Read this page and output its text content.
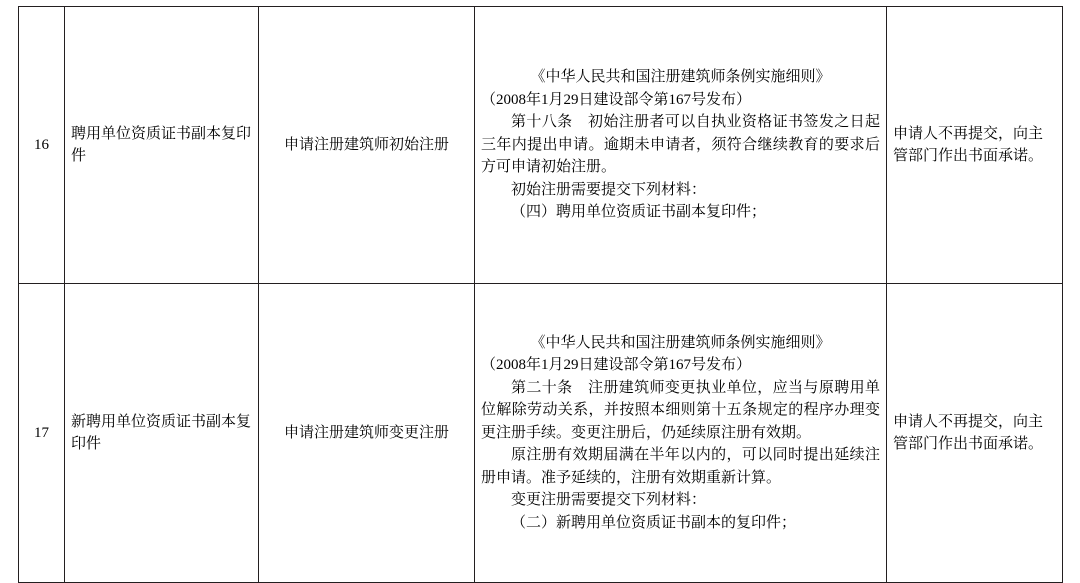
16	聘用单位资质证书副本复印件	申请注册建筑师初始注册	《中华人民共和国注册建筑师条例实施细则》
（2008年1月29日建设部令第167号发布）
第十八条　初始注册者可以自执业资格证书签发之日起三年内提出申请。逾期未申请者，须符合继续教育的要求后方可申请初始注册。
初始注册需要提交下列材料：
（四）聘用单位资质证书副本复印件；	申请人不再提交，向主管部门作出书面承诺。
17	新聘用单位资质证书副本复印件	申请注册建筑师变更注册	
《中华人民共和国注册建筑师条例实施细则》
（2008年1月29日建设部令第167号发布）
第二十条　注册建筑师变更执业单位，应当与原聘用单位解除劳动关系，并按照本细则第十五条规定的程序办理变更注册手续。变更注册后，仍延续原注册有效期。
原注册有效期届满在半年以内的，可以同时提出延续注册申请。准予延续的，注册有效期重新计算。
变更注册需要提交下列材料：
（二）新聘用单位资质证书副本的复印件；
	申请人不再提交，向主管部门作出书面承诺。
